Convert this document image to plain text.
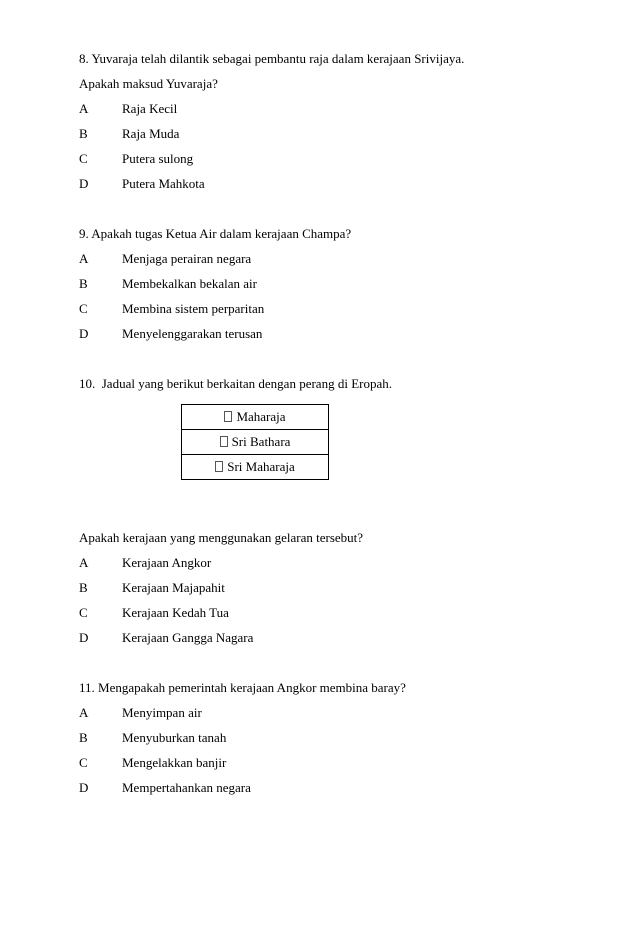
8. Yuvaraja telah dilantik sebagai pembantu raja dalam kerajaan Srivijaya.
Apakah maksud Yuvaraja?
A	Raja Kecil
B	Raja Muda
C	Putera sulong
D	Putera Mahkota
9. Apakah tugas Ketua Air dalam kerajaan Champa?
A	Menjaga perairan negara
B	Membekalkan bekalan air
C	Membina sistem perparitan
D	Menyelenggarakan terusan
10.  Jadual yang berikut berkaitan dengan perang di Eropah.
Maharaja
Sri Bathara
Sri Maharaja
Apakah kerajaan yang menggunakan gelaran tersebut?
A	Kerajaan Angkor
B	Kerajaan Majapahit
C	Kerajaan Kedah Tua
D	Kerajaan Gangga Nagara
11. Mengapakah pemerintah kerajaan Angkor membina baray?
A	Menyimpan air
B	Menyuburkan tanah
C	Mengelakkan banjir
D	Mempertahankan negara
